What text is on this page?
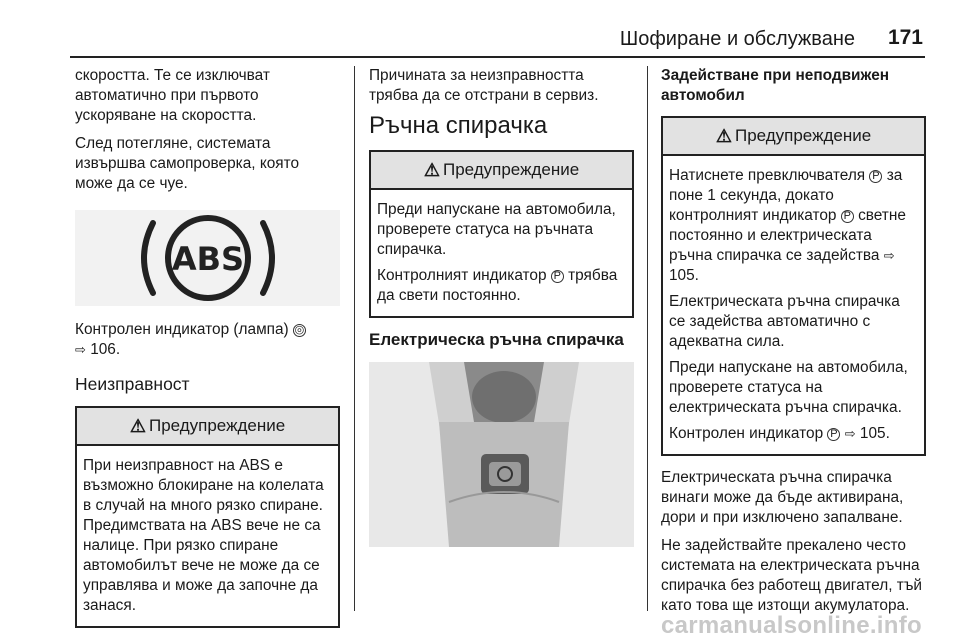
Шофиране и обслужване 171

скоростта. Те се изключват автоматично при първото ускоряване на скоростта.

След потегляне, системата извършва самопроверка, която може да се чуе.

ABS

Контролен индикатор (лампа) ◎
⇨ 106.

Неизправност
⚠ Предупреждение

При неизправност на ABS е възможно блокиране на колелата в случай на много рязко спиране. Предимствата на ABS вече не са налице. При рязко спиране автомобилът вече не може да се управлява и може да започне да занася.

Причината за неизправността трябва да се отстрани в сервиз.

Ръчна спирачка
⚠ Предупреждение

Преди напускане на автомобила, проверете статуса на ръчната спирачка.

Контролният индикатор P трябва да свети постоянно.

Електрическа ръчна спирачка
Задействане при неподвижен автомобил
⚠ Предупреждение

Натиснете превключвателя P за поне 1 секунда, докато контролният индикатор P светне постоянно и електрическата ръчна спирачка се задейства ⇨ 105.

Електрическата ръчна спирачка се задейства автоматично с адекватна сила.

Преди напускане на автомобила, проверете статуса на електрическата ръчна спирачка.

Контролен индикатор P ⇨ 105.

Електрическата ръчна спирачка винаги може да бъде активирана, дори и при изключено запалване.

Не задействайте прекалено често системата на електрическата ръчна спирачка без работещ двигател, тъй като това ще изтощи акумулатора.

carmanualsonline.info
